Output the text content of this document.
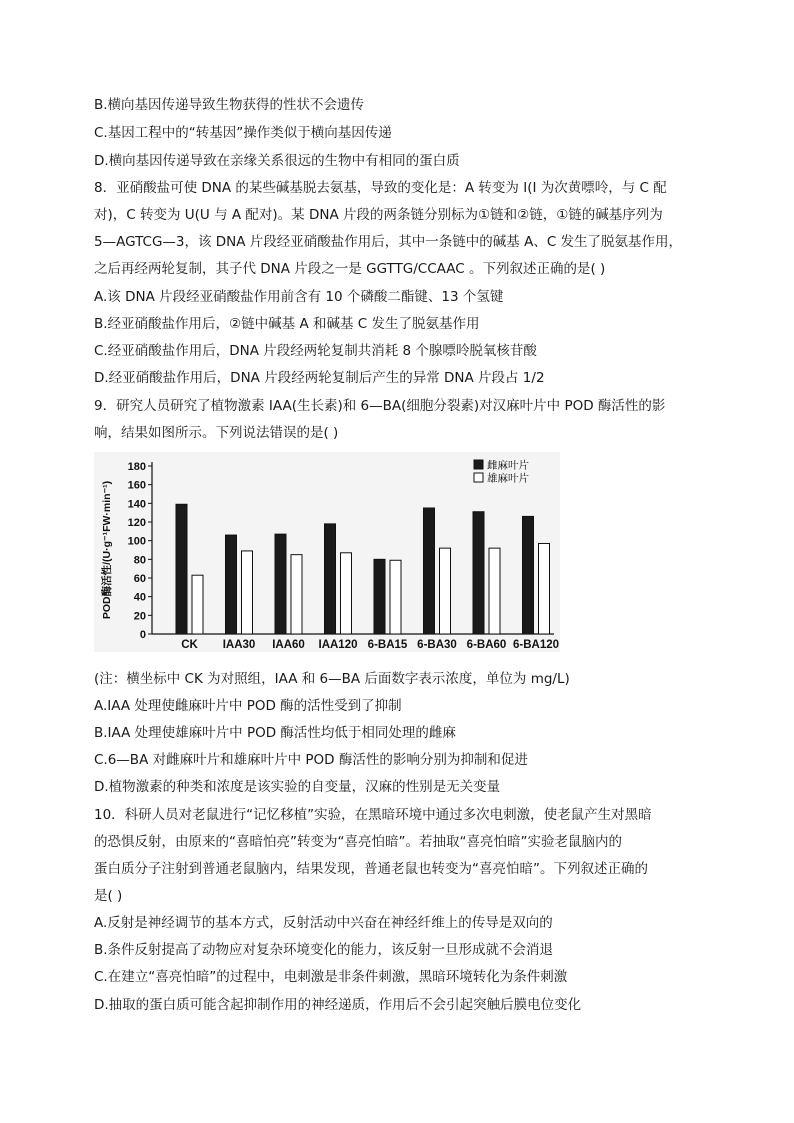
B.横向基因传递导致生物获得的性状不会遗传
C.基因工程中的“转基因”操作类似于横向基因传递
D.横向基因传递导致在亲缘关系很远的生物中有相同的蛋白质
8．亚硝酸盐可使 DNA 的某些碱基脱去氨基，导致的变化是：A 转变为 I(I 为次黄嘌呤，与 C 配
对)，C 转变为 U(U 与 A 配对)。某 DNA 片段的两条链分别标为①链和②链，①链的碱基序列为
5—AGTCG—3，该 DNA 片段经亚硝酸盐作用后，其中一条链中的碱基 A、C 发生了脱氨基作用，
之后再经两轮复制，其子代 DNA 片段之一是 GGTTG/CCAAC 。下列叙述正确的是( )
A.该 DNA 片段经亚硝酸盐作用前含有 10 个磷酸二酯键、13 个氢键
B.经亚硝酸盐作用后，②链中碱基 A 和碱基 C 发生了脱氨基作用
C.经亚硝酸盐作用后，DNA 片段经两轮复制共消耗 8 个腺嘌呤脱氧核苷酸
D.经亚硝酸盐作用后，DNA 片段经两轮复制后产生的异常 DNA 片段占 1/2
9．研究人员研究了植物激素 IAA(生长素)和 6—BA(细胞分裂素)对汉麻叶片中 POD 酶活性的影
响，结果如图所示。下列说法错误的是( )
(注：横坐标中 CK 为对照组，IAA 和 6—BA 后面数字表示浓度，单位为 mg/L)
A.IAA 处理使雌麻叶片中 POD 酶的活性受到了抑制
B.IAA 处理使雄麻叶片中 POD 酶活性均低于相同处理的雌麻
C.6—BA 对雌麻叶片和雄麻叶片中 POD 酶活性的影响分别为抑制和促进
D.植物激素的种类和浓度是该实验的自变量，汉麻的性别是无关变量
10．科研人员对老鼠进行“记忆移植”实验，在黑暗环境中通过多次电刺激，使老鼠产生对黑暗
的恐惧反射，由原来的“喜暗怕亮”转变为“喜亮怕暗”。若抽取“喜亮怕暗”实验老鼠脑内的
蛋白质分子注射到普通老鼠脑内，结果发现，普通老鼠也转变为“喜亮怕暗”。下列叙述正确的
是( )
A.反射是神经调节的基本方式，反射活动中兴奋在神经纤维上的传导是双向的
B.条件反射提高了动物应对复杂环境变化的能力，该反射一旦形成就不会消退
C.在建立“喜亮怕暗”的过程中，电刺激是非条件刺激，黑暗环境转化为条件刺激
D.抽取的蛋白质可能含起抑制作用的神经递质，作用后不会引起突触后膜电位变化
0
20
40
60
80
100
120
140
160
180
POD酶活性/(U·g⁻¹FW·min⁻¹)
CK IAA30 IAA60 IAA120 6-BA15 6-BA30 6-BA60 6-BA120
雌麻叶片
雄麻叶片
